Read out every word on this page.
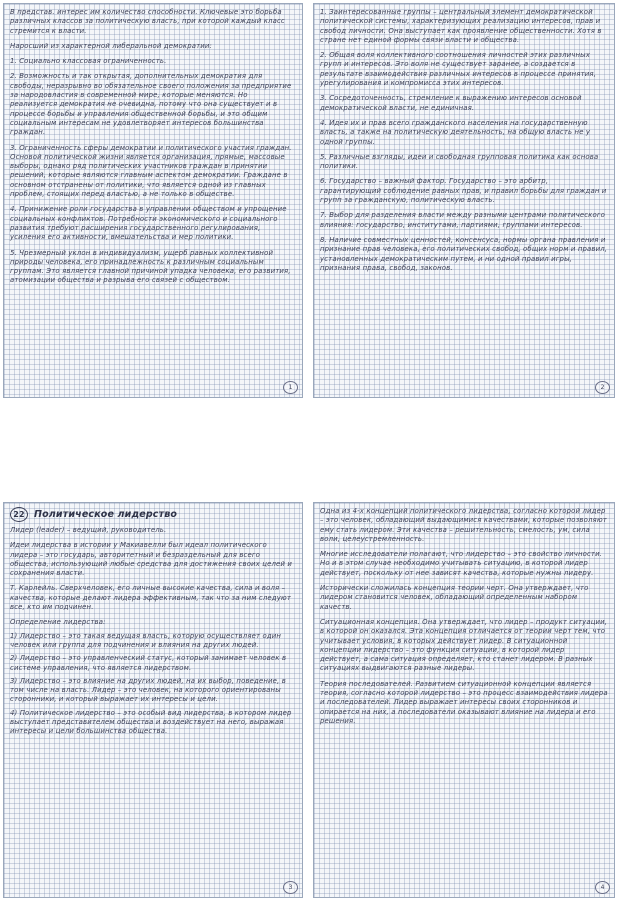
В представ. интерес им количество способности. Ключевые это борьба различных классов за политическую власть, при которой каждый класс стремится к власти.

Наросший из характерной либеральной демократии:

1. Социально классовая ограниченность.

2. Возможность и так открытая, дополнительных демократия для свободы, неразрывно во обязательное своего положения за предприятие за народовластия в современной мире, которые меняются. Но реализуется демократия не очевидна, потому что она существует и в процессе борьбы и управления общественной борьбы, и это общим социальным интересам не удовлетворяет интересов большинства граждан.

3. Ограниченность сферы демократии и политического участия граждан. Основой политической жизни является организация, прямые, массовые выборы, однако ряд политических участников граждан в принятии решений, которые являются главным аспектом демократии. Граждане в основном отстранены от политики, что является одной из главных проблем, стоящих перед властью, а не только в обществе.

4. Принижение роли государства в управлении обществом и упрощение социальных конфликтов. Потребности экономического и социального развития требуют расширения государственного регулирования, усиления его активности, вмешательства и мер политики.

5. Чрезмерный уклон в индивидуализм, ущерб равных коллективной природы человека, его принадлежность к различным социальным группам. Это является главной причиной упадка человека, его развития, атомизации общества и разрыва его связей с обществом.

1

1. Заинтересованные группы – центральный элемент демократической политической системы, характеризующих реализацию интересов, прав и свобод личности. Она выступает как проявление общественности. Хотя в стране нет единой формы связи власти и общества.

2. Общая воля коллективного соотношения личностей этих различных групп и интересов. Это воля не существует заранее, а создается в результате взаимодействия различных интересов в процессе принятия, урегулирования и компромисса этих интересов.

3. Сосредоточенность, стремление к выражению интересов основой демократической власти, не единичная.

4. Идея их и прав всего гражданского населения на государственную власть, а также на политическую деятельность, на общую власть не у одной группы.

5. Различные взгляды, идеи и свободная групповая политика как основа политики.

6. Государство – важный фактор. Государство – это арбитр, гарантирующий соблюдение равных прав, и правил борьбы для граждан и групп за гражданскую, политическую власть.

7. Выбор для разделения власти между разными центрами политического влияния: государство, институтами, партиями, группами интересов.

8. Наличие совместных ценностей, консенсуса, нормы органа правления и признание прав человека, его политических свобод, общих норм и правил, установленных демократическим путем, и ни одной правил игры, признания права, свобод, законов.

2
22 Политическое лидерство

Лидер (leader) – ведущий, руководитель.

Идеи лидерства в истории у Макиавелли был идеал политического лидера – это государь, авторитетный и безраздельный для всего общества, использующий любые средства для достижения своих целей и сохранения власти.

Т. Карлейль. Сверхчеловек, его личные высокие качества, сила и воля – качества, которые делают лидера эффективным, так что за ним следуют все, кто им подчинен.

Определение лидерства:

1) Лидерство – это такая ведущая власть, которую осуществляет один человек или группа для подчинения и влияния на других людей.

2) Лидерство – это управленческий статус, который занимает человек в системе управления, что является лидерством.

3) Лидерство – это влияние на других людей, на их выбор, поведение, в том числе на власть. Лидер – это человек, на которого ориентированы сторонники, и который выражает их интересы и цели.

4) Политическое лидерство – это особый вид лидерства, в котором лидер выступает представителем общества и воздействует на него, выражая интересы и цели большинства общества.

3

Одна из 4-х концепций политического лидерства, согласно которой лидер – это человек, обладающий выдающимися качествами, которые позволяют ему стать лидером. Эти качества – решительность, смелость, ум, сила воли, целеустремленность.

Многие исследователи полагают, что лидерство – это свойство личности. Но и в этом случае необходимо учитывать ситуацию, в которой лидер действует, поскольку от нее зависят качества, которые нужны лидеру.

Исторически сложилась концепция теории черт. Она утверждает, что лидером становится человек, обладающий определенным набором качеств.

Ситуационная концепция. Она утверждает, что лидер – продукт ситуации, в которой он оказался. Эта концепция отличается от теории черт тем, что учитывает условия, в которых действует лидер. В ситуационной концепции лидерство – это функция ситуации, в которой лидер действует, а сама ситуация определяет, кто станет лидером. В разных ситуациях выдвигаются разные лидеры.

Теория последователей. Развитием ситуационной концепции является теория, согласно которой лидерство – это процесс взаимодействия лидера и последователей. Лидер выражает интересы своих сторонников и опирается на них, а последователи оказывают влияние на лидера и его решения.

4
